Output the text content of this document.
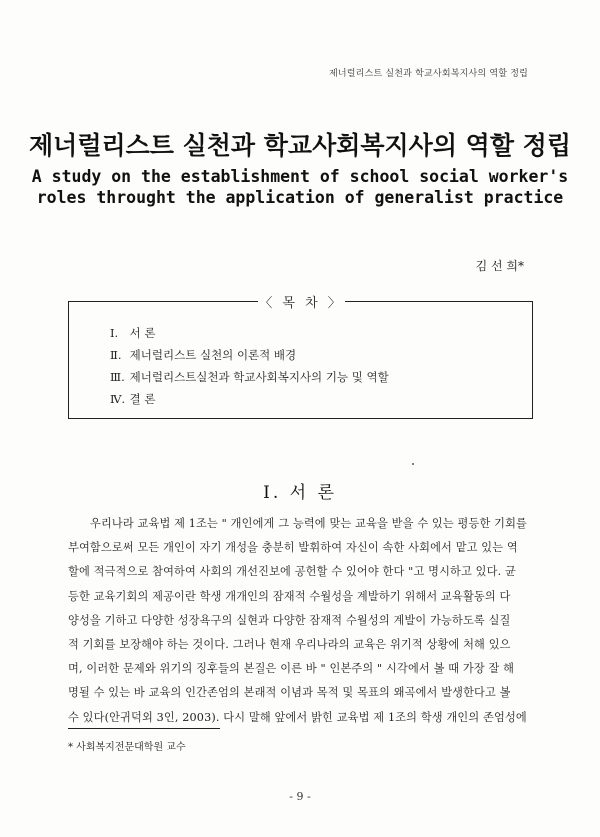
제너럴리스트 실천과 학교사회복지사의 역할 정립
제너럴리스트 실천과 학교사회복지사의 역할 정립
A study on the establishment of school social worker's
roles throught the application of generalist practice
김 선 희*
〈 목 차 〉
Ⅰ. 서 론
Ⅱ. 제너럴리스트 실천의 이론적 배경
Ⅲ. 제너럴리스트실천과 학교사회복지사의 기능 및 역할
Ⅳ. 결 론
Ⅰ. 서 론
우리나라 교육법 제 1조는 " 개인에게 그 능력에 맞는 교육을 받을 수 있는 평등한 기회를
부여함으로써 모든 개인이 자기 개성을 충분히 발휘하여 자신이 속한 사회에서 맡고 있는 역
할에 적극적으로 참여하여 사회의 개선진보에 공헌할 수 있어야 한다 "고 명시하고 있다. 균
등한 교육기회의 제공이란 학생 개개인의 잠재적 수월성을 계발하기 위해서 교육활동의 다
양성을 기하고 다양한 성장욕구의 실현과 다양한 잠재적 수월성의 계발이 가능하도록 실질
적 기회를 보장해야 하는 것이다. 그러나 현재 우리나라의 교육은 위기적 상황에 처해 있으
며, 이러한 문제와 위기의 징후들의 본질은 이른 바 " 인본주의 " 시각에서 볼 때 가장 잘 해
명될 수 있는 바 교육의 인간존엄의 본래적 이념과 목적 및 목표의 왜곡에서 발생한다고 볼
수 있다(안귀덕외 3인, 2003). 다시 말해 앞에서 밝힌 교육법 제 1조의 학생 개인의 존엄성에
* 사회복지전문대학원 교수
- 9 -
